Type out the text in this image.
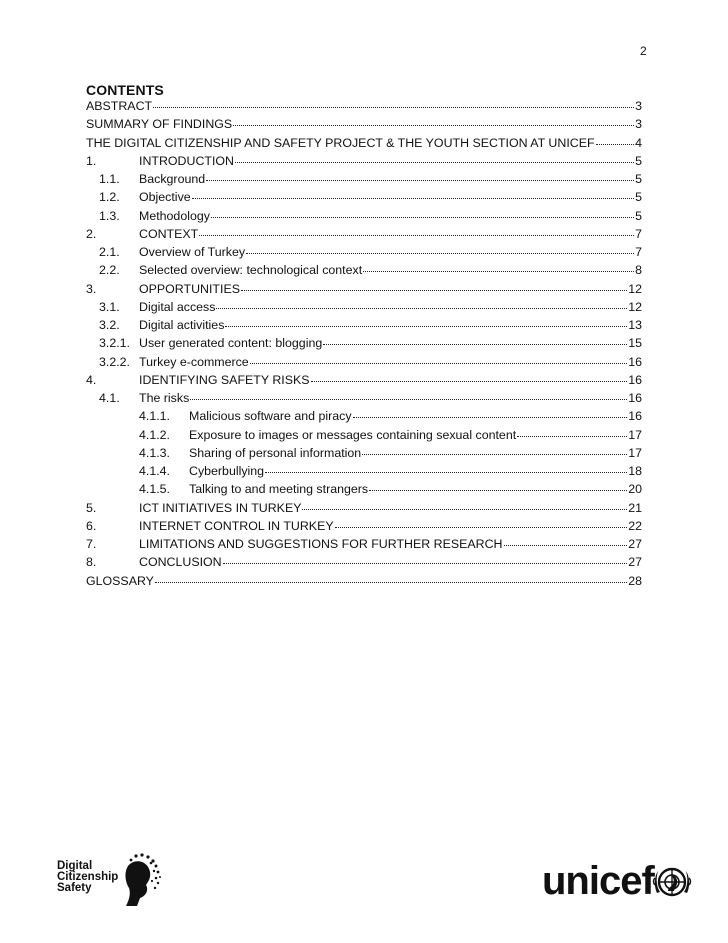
2
CONTENTS
ABSTRACT	3
SUMMARY OF FINDINGS	3
THE DIGITAL CITIZENSHIP AND SAFETY PROJECT & THE YOUTH SECTION AT UNICEF	4
1.	INTRODUCTION	5
1.1.	Background	5
1.2.	Objective	5
1.3.	Methodology	5
2.	CONTEXT	7
2.1.	Overview of Turkey	7
2.2.	Selected overview: technological context	8
3.	OPPORTUNITIES	12
3.1.	Digital access	12
3.2.	Digital activities	13
3.2.1. User generated content: blogging	15
3.2.2. Turkey e-commerce	16
4.	IDENTIFYING SAFETY RISKS	16
4.1.	The risks	16
4.1.1.	Malicious software and piracy	16
4.1.2.	Exposure to images or messages containing sexual content	17
4.1.3.	Sharing of personal information	17
4.1.4.	Cyberbullying	18
4.1.5.	Talking to and meeting strangers	20
5.	ICT INITIATIVES IN TURKEY	21
6.	INTERNET CONTROL IN TURKEY	22
7.	LIMITATIONS AND SUGGESTIONS FOR FURTHER RESEARCH	27
8.	CONCLUSION	27
GLOSSARY	28
Digital
Citizenship
Safety	unicef
